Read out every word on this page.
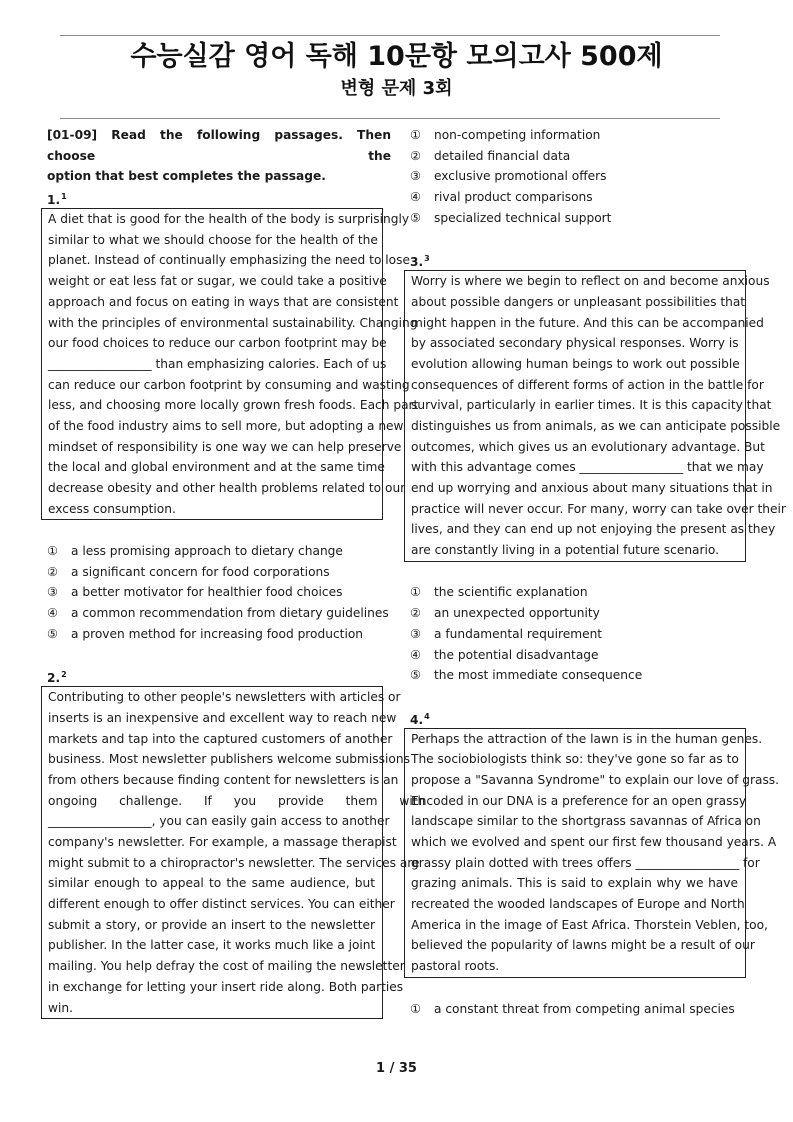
수능실감 영어 독해 10문항 모의고사 500제
변형 문제 3회
[01-09] Read the following passages. Then choose the
option that best completes the passage.
1.$^1$
A diet that is good for the health of the body is surprisingly
similar to what we should choose for the health of the
planet. Instead of continually emphasizing the need to lose
weight or eat less fat or sugar, we could take a positive
approach and focus on eating in ways that are consistent
with the principles of environmental sustainability. Changing
our food choices to reduce our carbon footprint may be
_________________ than emphasizing calories. Each of us
can reduce our carbon footprint by consuming and wasting
less, and choosing more locally grown fresh foods. Each part
of the food industry aims to sell more, but adopting a new
mindset of responsibility is one way we can help preserve
the local and global environment and at the same time
decrease obesity and other health problems related to our
excess consumption.
① a less promising approach to dietary change
② a significant concern for food corporations
③ a better motivator for healthier food choices
④ a common recommendation from dietary guidelines
⑤ a proven method for increasing food production
2.$^2$
Contributing to other people's newsletters with articles or
inserts is an inexpensive and excellent way to reach new
markets and tap into the captured customers of another
business. Most newsletter publishers welcome submissions
from others because finding content for newsletters is an
ongoing challenge. If you provide them with
_________________, you can easily gain access to another
company's newsletter. For example, a massage therapist
might submit to a chiropractor's newsletter. The services are
similar enough to appeal to the same audience, but
different enough to offer distinct services. You can either
submit a story, or provide an insert to the newsletter
publisher. In the latter case, it works much like a joint
mailing. You help defray the cost of mailing the newsletter
in exchange for letting your insert ride along. Both parties
win.
① non-competing information
② detailed financial data
③ exclusive promotional offers
④ rival product comparisons
⑤ specialized technical support
3.$^3$
Worry is where we begin to reflect on and become anxious
about possible dangers or unpleasant possibilities that
might happen in the future. And this can be accompanied
by associated secondary physical responses. Worry is
evolution allowing human beings to work out possible
consequences of different forms of action in the battle for
survival, particularly in earlier times. It is this capacity that
distinguishes us from animals, as we can anticipate possible
outcomes, which gives us an evolutionary advantage. But
with this advantage comes _________________ that we may
end up worrying and anxious about many situations that in
practice will never occur. For many, worry can take over their
lives, and they can end up not enjoying the present as they
are constantly living in a potential future scenario.
① the scientific explanation
② an unexpected opportunity
③ a fundamental requirement
④ the potential disadvantage
⑤ the most immediate consequence
4.$^4$
Perhaps the attraction of the lawn is in the human genes.
The sociobiologists think so: they've gone so far as to
propose a "Savanna Syndrome" to explain our love of grass.
Encoded in our DNA is a preference for an open grassy
landscape similar to the shortgrass savannas of Africa on
which we evolved and spent our first few thousand years. A
grassy plain dotted with trees offers _________________ for
grazing animals. This is said to explain why we have
recreated the wooded landscapes of Europe and North
America in the image of East Africa. Thorstein Veblen, too,
believed the popularity of lawns might be a result of our
pastoral roots.
① a constant threat from competing animal species
1 / 35
